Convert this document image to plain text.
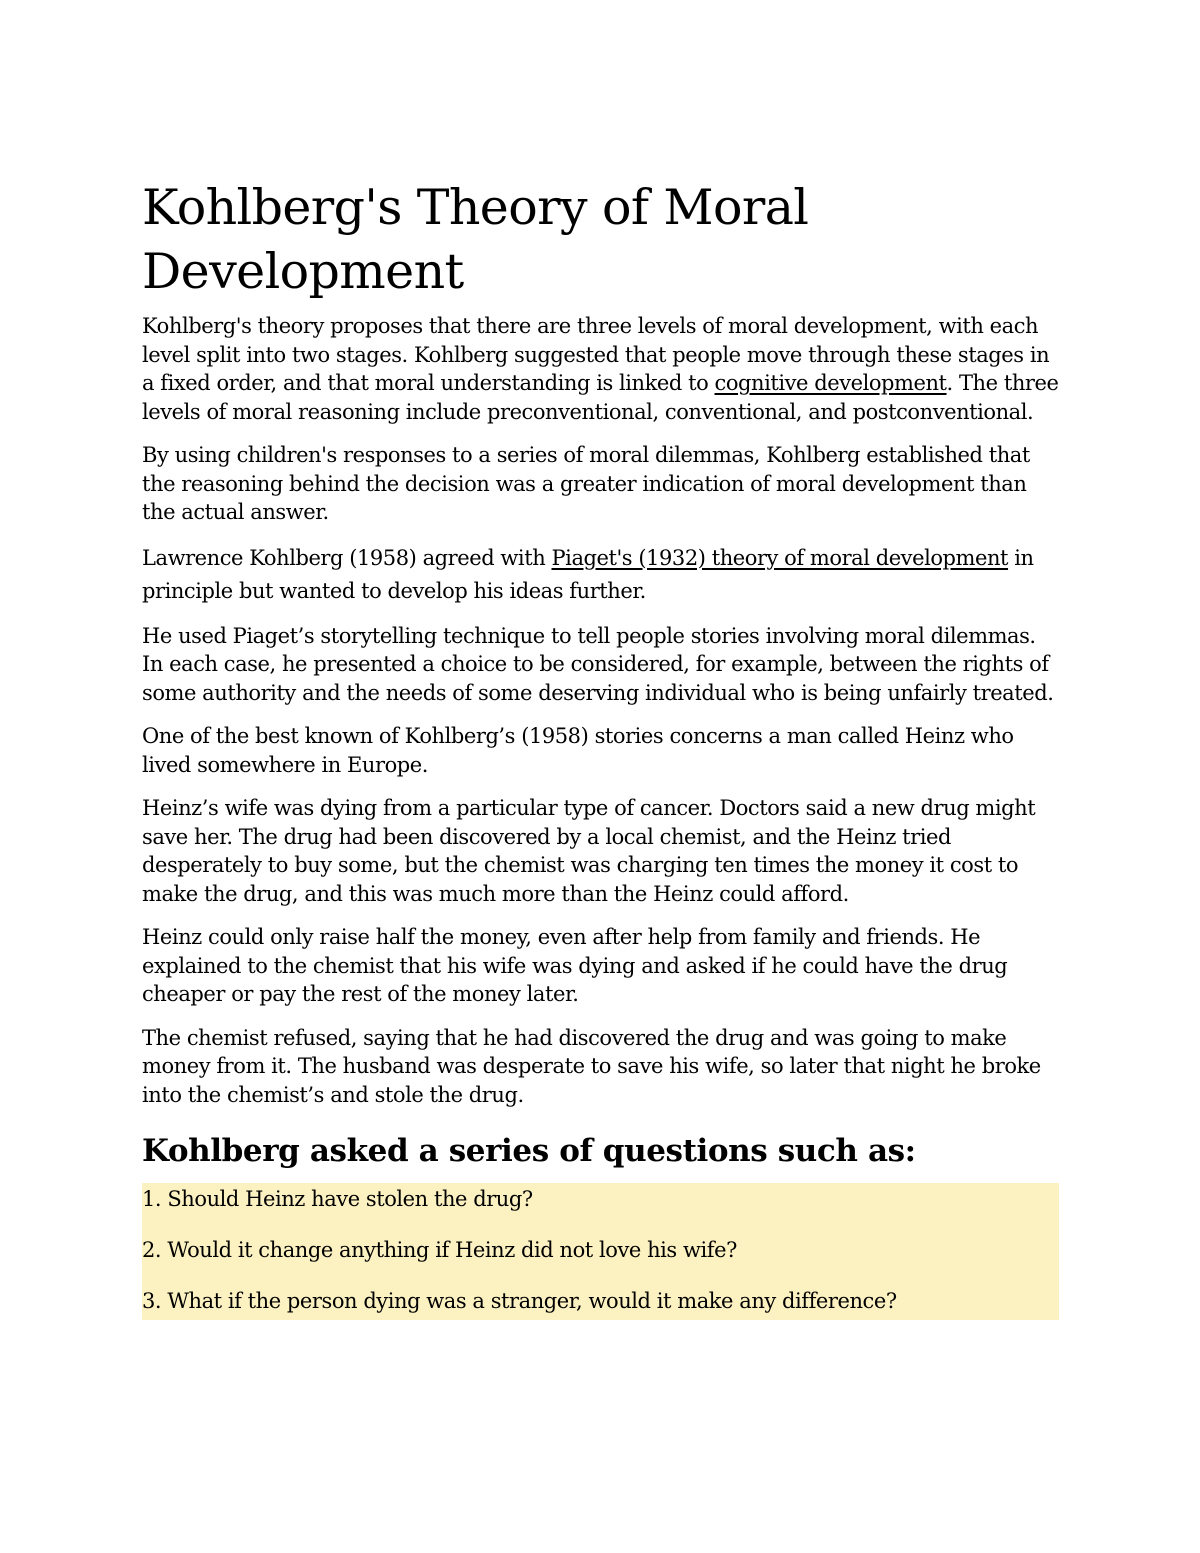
Kohlberg's Theory of Moral Development

Kohlberg's theory proposes that there are three levels of moral development, with each level split into two stages. Kohlberg suggested that people move through these stages in a fixed order, and that moral understanding is linked to cognitive development. The three levels of moral reasoning include preconventional, conventional, and postconventional.

By using children's responses to a series of moral dilemmas, Kohlberg established that the reasoning behind the decision was a greater indication of moral development than the actual answer.

Lawrence Kohlberg (1958) agreed with Piaget's (1932) theory of moral development in principle but wanted to develop his ideas further.

He used Piaget’s storytelling technique to tell people stories involving moral dilemmas. In each case, he presented a choice to be considered, for example, between the rights of some authority and the needs of some deserving individual who is being unfairly treated.

One of the best known of Kohlberg’s (1958) stories concerns a man called Heinz who lived somewhere in Europe.

Heinz’s wife was dying from a particular type of cancer. Doctors said a new drug might save her. The drug had been discovered by a local chemist, and the Heinz tried desperately to buy some, but the chemist was charging ten times the money it cost to make the drug, and this was much more than the Heinz could afford.

Heinz could only raise half the money, even after help from family and friends. He explained to the chemist that his wife was dying and asked if he could have the drug cheaper or pay the rest of the money later.

The chemist refused, saying that he had discovered the drug and was going to make money from it. The husband was desperate to save his wife, so later that night he broke into the chemist’s and stole the drug.

Kohlberg asked a series of questions such as:

1. Should Heinz have stolen the drug?

2. Would it change anything if Heinz did not love his wife?

3. What if the person dying was a stranger, would it make any difference?
